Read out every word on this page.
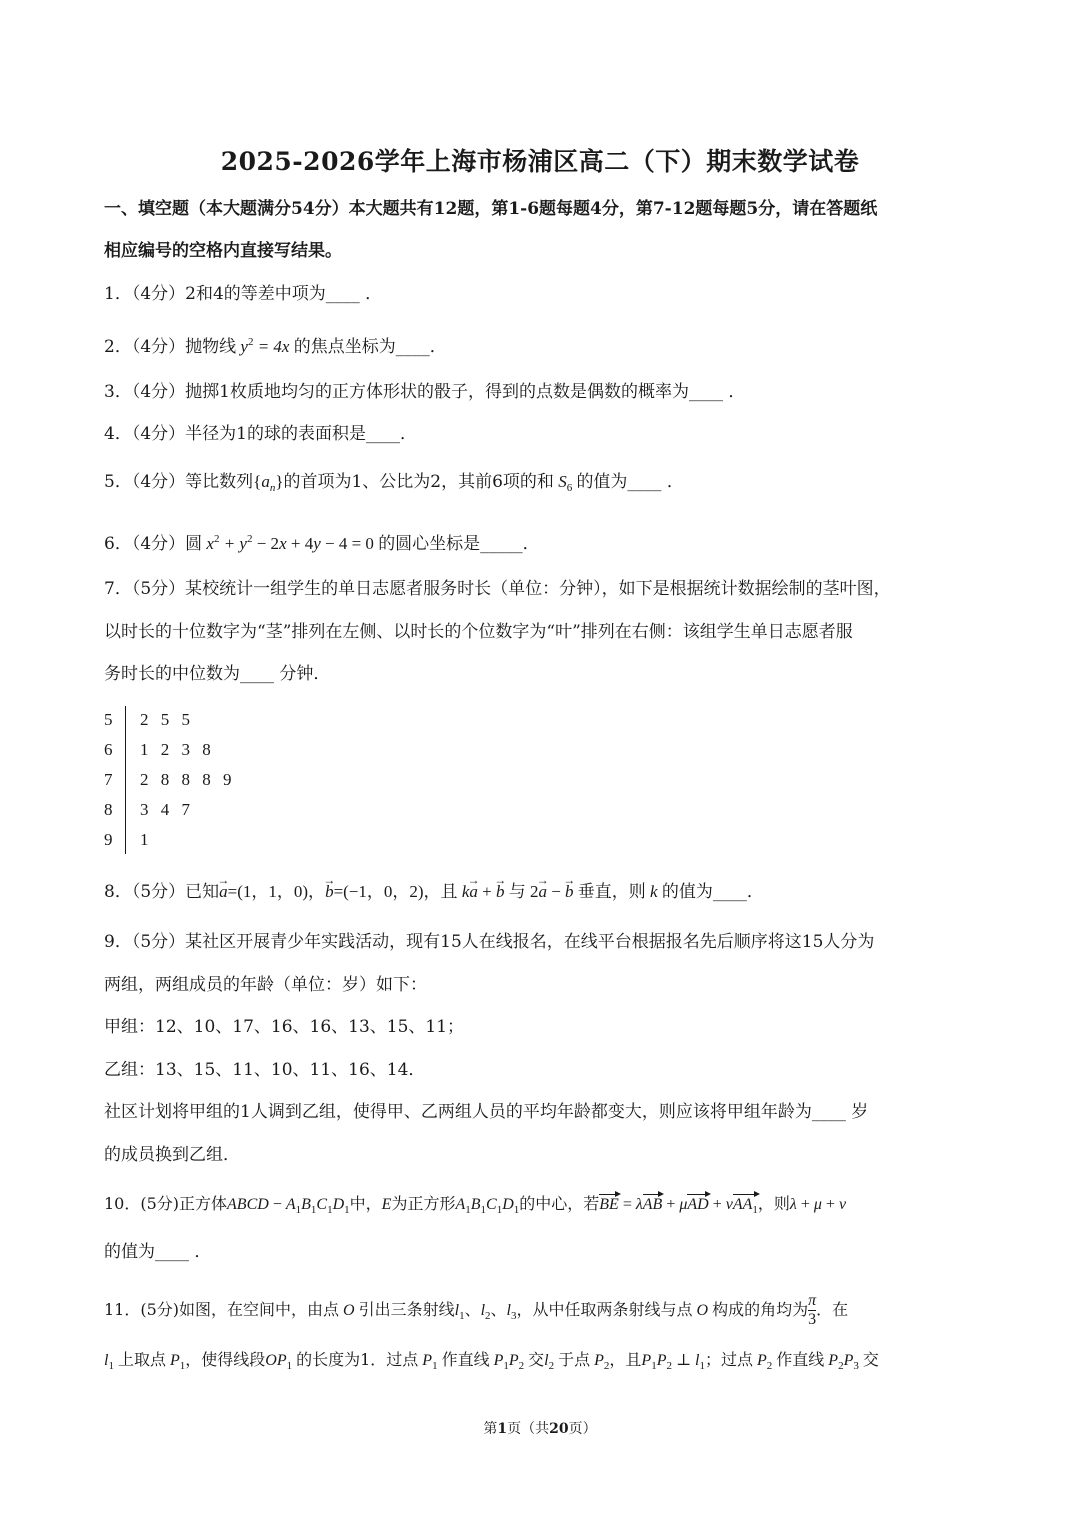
2025-2026学年上海市杨浦区高二（下）期末数学试卷
一、填空题（本大题满分54分）本大题共有12题，第1-6题每题4分，第7-12题每题5分，请在答题纸
相应编号的空格内直接写结果。
1．（4分）2和4的等差中项为____ ．
2．（4分）抛物线 $y^2 = 4x$ 的焦点坐标为____．
3．（4分）抛掷1枚质地均匀的正方体形状的骰子，得到的点数是偶数的概率为____ ．
4．（4分）半径为1的球的表面积是____．
5．（4分）等比数列$\{a_n\}$的首项为1、公比为2，其前6项的和 $S_6$ 的值为____ ．
6．（4分）圆 $x^2 + y^2 - 2x + 4y - 4 = 0$ 的圆心坐标是_____．
7．（5分）某校统计一组学生的单日志愿者服务时长（单位：分钟），如下是根据统计数据绘制的茎叶图，
以时长的十位数字为“茎”排列在左侧、以时长的个位数字为“叶”排列在右侧：该组学生单日志愿者服
务时长的中位数为____ 分钟．
5 2 5 5
6 1 2 3 8
7 2 8 8 8 9
8 3 4 7
9 1
8．（5分）已知→ a=(1，1，0)，→ b=(−1，0，2)，且 k→ a + → b 与 2→ a − → b 垂直，则 k 的值为____．
9．（5分）某社区开展青少年实践活动，现有15人在线报名，在线平台根据报名先后顺序将这15人分为
两组，两组成员的年龄（单位：岁）如下：
甲组：12、10、17、16、16、13、15、11；
乙组：13、15、11、10、11、16、14．
社区计划将甲组的1人调到乙组，使得甲、乙两组人员的平均年龄都变大，则应该将甲组年龄为____ 岁
的成员换到乙组．
10．(5分)正方体ABCD − $A_1B_1C_1D_1$中，E为正方形$A_1B_1C_1D_1$的中心，若BE = λAB + μAD + νAA$_1$，则λ + μ + ν
的值为____ ．
11．(5分)如图，在空间中，由点 O 引出三条射线$l_1$、$l_2$、$l_3$，从中任取两条射线与点 O 构成的角均为 $\frac{\pi}{3}$ ．在
$l_1$ 上取点 $P_1$，使得线段$OP_1$ 的长度为1．过点 $P_1$ 作直线 $P_1P_2$ 交$l_2$ 于点 $P_2$，且$P_1P_2$ ⊥ $l_1$；过点 $P_2$ 作直线 $P_2P_3$ 交
第1页（共20页）
